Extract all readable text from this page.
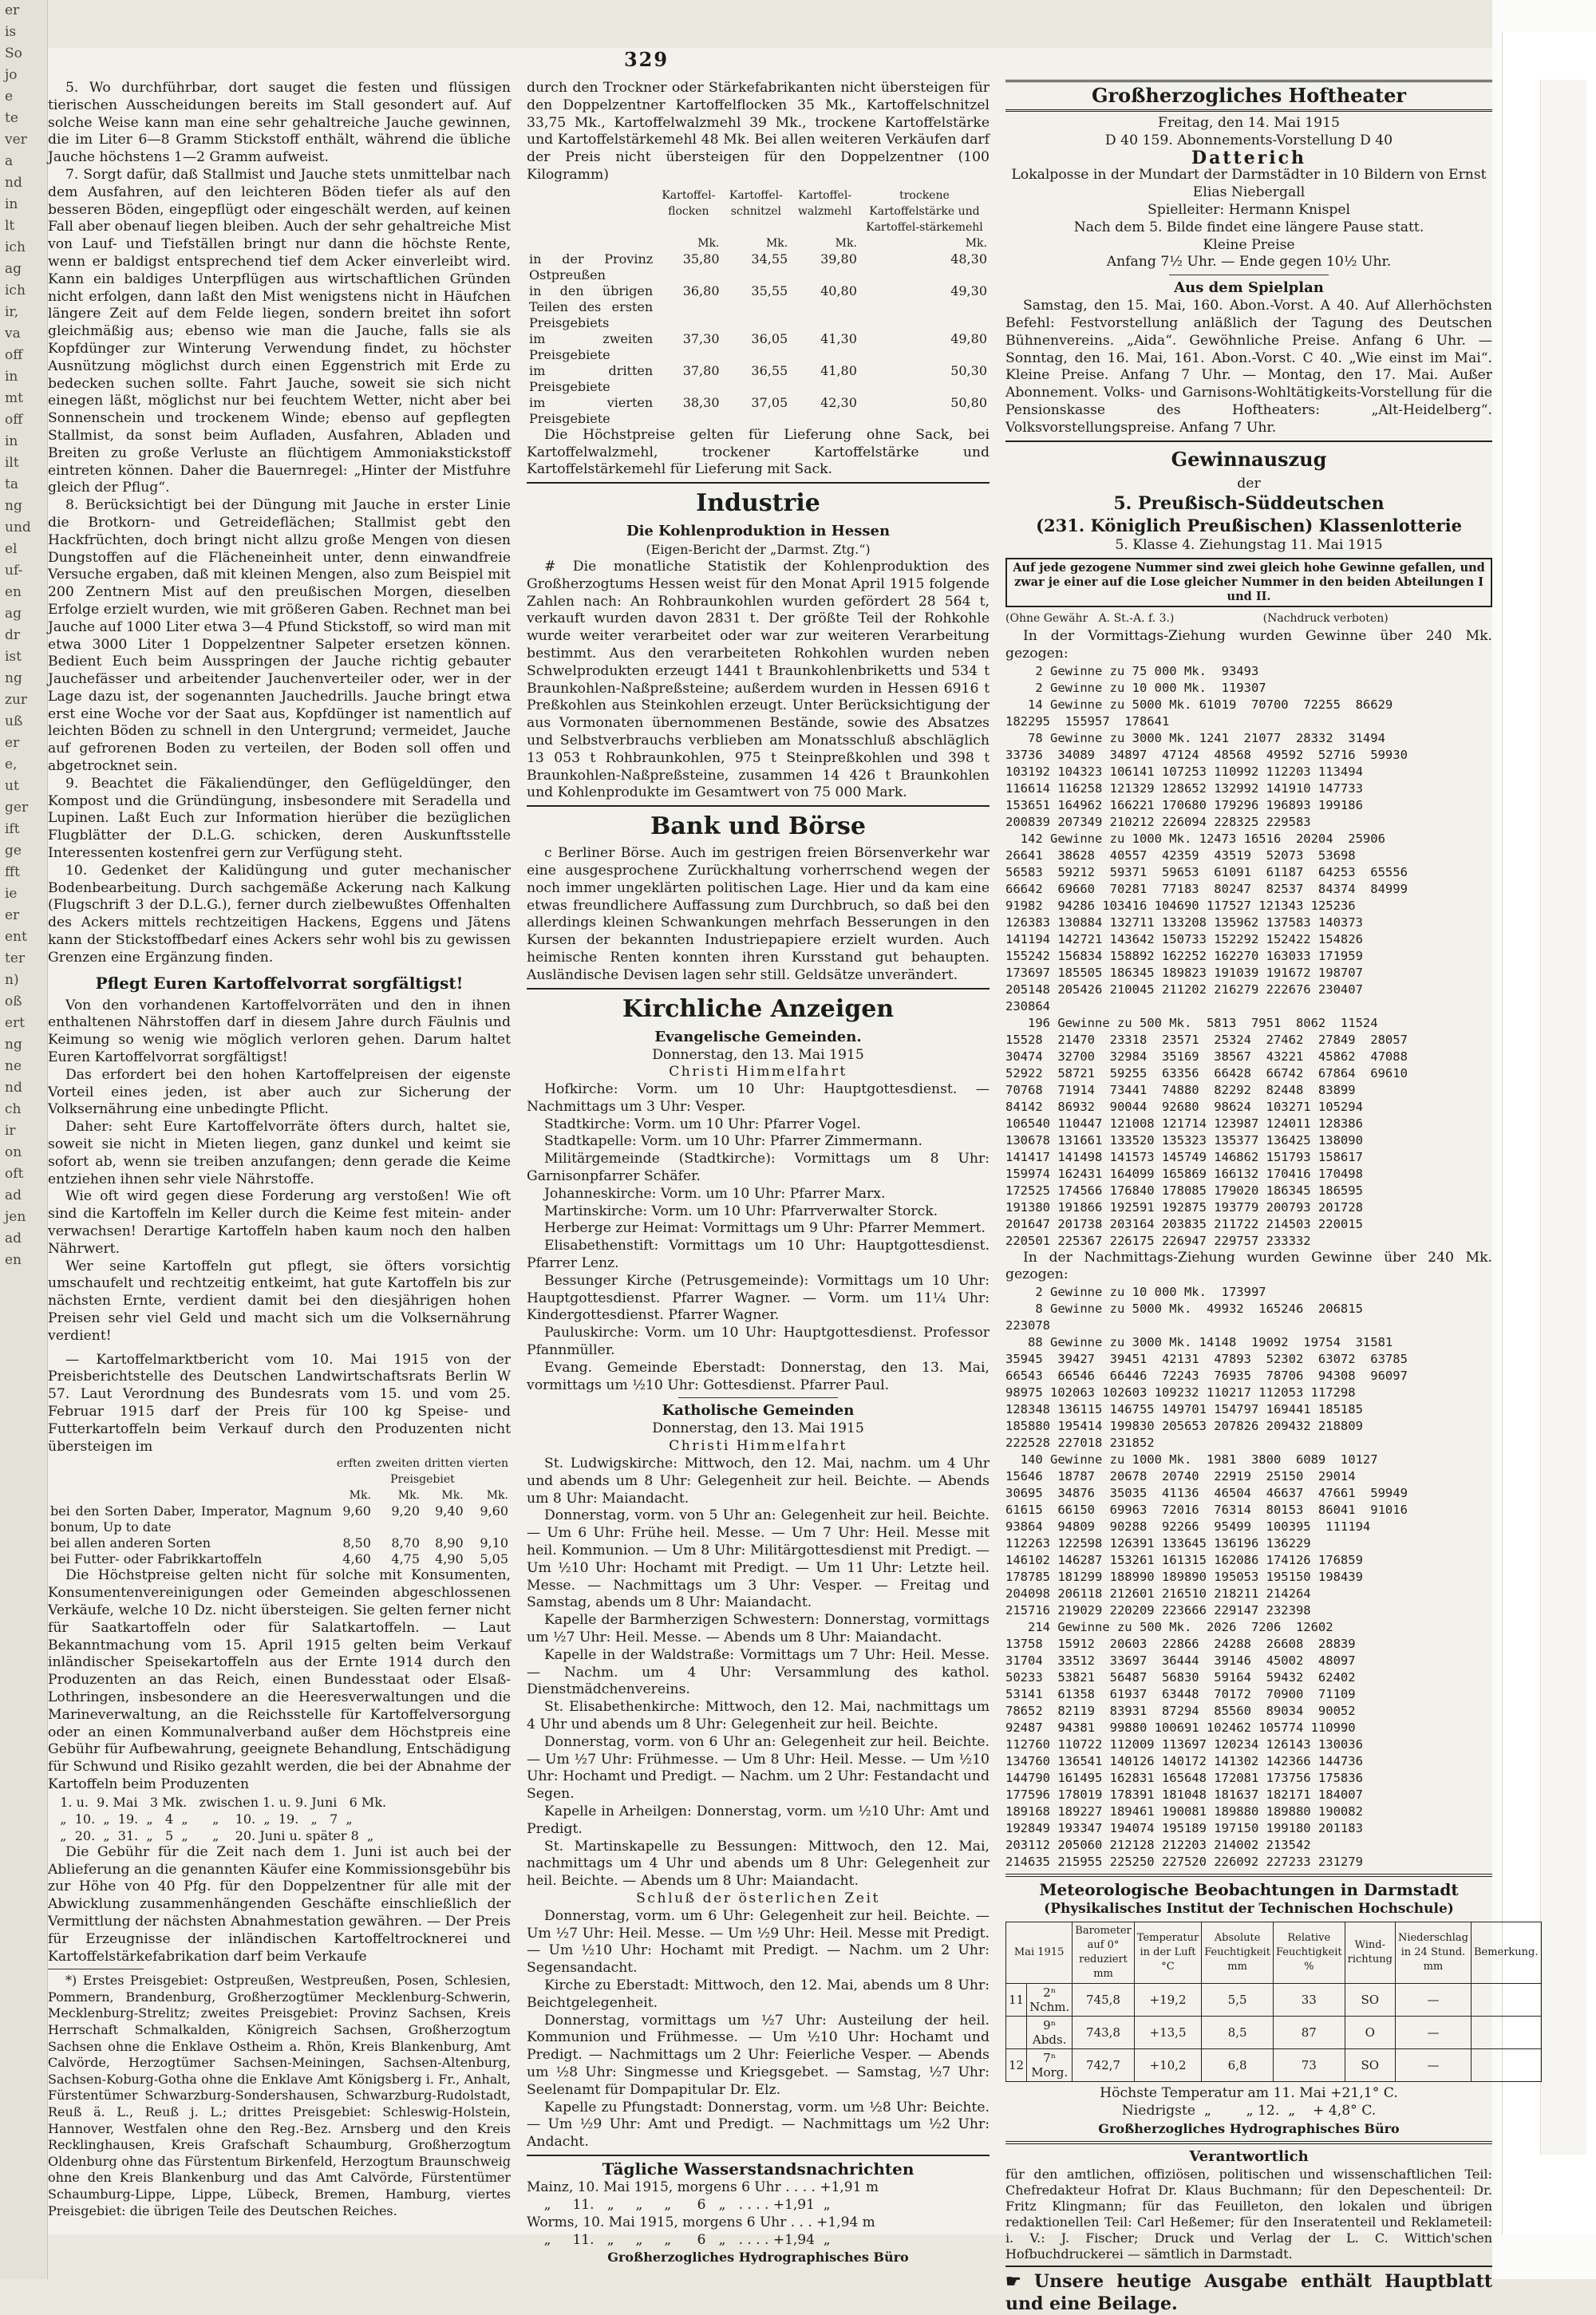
er
is
So
jo
e
te
ver
a
nd
in
lt
ich
ag
ich
ir,
va
off
in
mt
off
in
ilt
ta
ng
und
el
uf-
en
ag
dr
ist
ng
zur
uß
er
e,
ut
ger
ift
ge
fft
ie
er
ent
ter
n)
oß
ert
ng
ne
nd
ch
ir
on
oft
ad
jen
ad
en
329

5. Wo durchführbar, dort sauget die festen und flüssigen tierischen Ausscheidungen bereits im Stall gesondert auf. Auf solche Weise kann man eine sehr gehaltreiche Jauche gewinnen, die im Liter 6—8 Gramm Stickstoff enthält, während die übliche Jauche höchstens 1—2 Gramm aufweist.

7. Sorgt dafür, daß Stallmist und Jauche stets unmittelbar nach dem Ausfahren, auf den leichteren Böden tiefer als auf den besseren Böden, eingepflügt oder eingeschält werden, auf keinen Fall aber obenauf liegen bleiben. Auch der sehr gehaltreiche Mist von Lauf- und Tiefställen bringt nur dann die höchste Rente, wenn er baldigst entsprechend tief dem Acker einverleibt wird. Kann ein baldiges Unterpflügen aus wirtschaftlichen Gründen nicht erfolgen, dann laßt den Mist wenigstens nicht in Häufchen längere Zeit auf dem Felde liegen, sondern breitet ihn sofort gleichmäßig aus; ebenso wie man die Jauche, falls sie als Kopfdünger zur Winterung Verwendung findet, zu höchster Ausnützung möglichst durch einen Eggenstrich mit Erde zu bedecken suchen sollte. Fahrt Jauche, soweit sie sich nicht einegen läßt, möglichst nur bei feuchtem Wetter, nicht aber bei Sonnenschein und trockenem Winde; ebenso auf gepflegten Stallmist, da sonst beim Aufladen, Ausfahren, Abladen und Breiten zu große Verluste an flüchtigem Ammoniakstickstoff eintreten können. Daher die Bauernregel: „Hinter der Mistfuhre gleich der Pflug“.

8. Berücksichtigt bei der Düngung mit Jauche in erster Linie die Brotkorn- und Getreideflächen; Stallmist gebt den Hackfrüchten, doch bringt nicht allzu große Mengen von diesen Dungstoffen auf die Flächeneinheit unter, denn einwandfreie Versuche ergaben, daß mit kleinen Mengen, also zum Beispiel mit 200 Zentnern Mist auf den preußischen Morgen, dieselben Erfolge erzielt wurden, wie mit größeren Gaben. Rechnet man bei Jauche auf 1000 Liter etwa 3—4 Pfund Stickstoff, so wird man mit etwa 3000 Liter 1 Doppelzentner Salpeter ersetzen können. Bedient Euch beim Ausspringen der Jauche richtig gebauter Jauchefässer und arbeitender Jauchenverteiler oder, wer in der Lage dazu ist, der sogenannten Jauchedrills. Jauche bringt etwa erst eine Woche vor der Saat aus, Kopfdünger ist namentlich auf leichten Böden zu schnell in den Untergrund; vermeidet, Jauche auf gefrorenen Boden zu verteilen, der Boden soll offen und abgetrocknet sein.

9. Beachtet die Fäkaliendünger, den Geflügeldünger, den Kompost und die Gründüngung, insbesondere mit Seradella und Lupinen. Laßt Euch zur Information hierüber die bezüglichen Flugblätter der D.L.G. schicken, deren Auskunftsstelle Interessenten kostenfrei gern zur Verfügung steht.

10. Gedenket der Kalidüngung und guter mechanischer Bodenbearbeitung. Durch sachgemäße Ackerung nach Kalkung (Flugschrift 3 der D.L.G.), ferner durch zielbewußtes Offenhalten des Ackers mittels rechtzeitigen Hackens, Eggens und Jätens kann der Stickstoffbedarf eines Ackers sehr wohl bis zu gewissen Grenzen eine Ergänzung finden.

Pflegt Euren Kartoffelvorrat sorgfältigst!

Von den vorhandenen Kartoffelvorräten und den in ihnen enthaltenen Nährstoffen darf in diesem Jahre durch Fäulnis und Keimung so wenig wie möglich verloren gehen. Darum haltet Euren Kartoffelvorrat sorgfältigst!

Das erfordert bei den hohen Kartoffelpreisen der eigenste Vorteil eines jeden, ist aber auch zur Sicherung der Volksernährung eine unbedingte Pflicht.

Daher: seht Eure Kartoffelvorräte öfters durch, haltet sie, soweit sie nicht in Mieten liegen, ganz dunkel und keimt sie sofort ab, wenn sie treiben anzufangen; denn gerade die Keime entziehen ihnen sehr viele Nährstoffe.

Wie oft wird gegen diese Forderung arg verstoßen! Wie oft sind die Kartoffeln im Keller durch die Keime fest mitein- ander verwachsen! Derartige Kartoffeln haben kaum noch den halben Nährwert.

Wer seine Kartoffeln gut pflegt, sie öfters vorsichtig umschaufelt und rechtzeitig entkeimt, hat gute Kartoffeln bis zur nächsten Ernte, verdient damit bei den diesjährigen hohen Preisen sehr viel Geld und macht sich um die Volksernährung verdient!

— Kartoffelmarktbericht vom 10. Mai 1915 von der Preisberichtstelle des Deutschen Landwirtschaftsrats Berlin W 57. Laut Verordnung des Bundesrats vom 15. und vom 25. Februar 1915 darf der Preis für 100 kg Speise- und Futterkartoffeln beim Verkauf durch den Produzenten nicht übersteigen im

	erften	zweiten	dritten	vierten
	Preisgebiet			
	Mk.	Mk.	Mk.	Mk.
bei den Sorten Daber, Imperator, Magnum bonum, Up to date	9,60	9,20	9,40	9,60
bei allen anderen Sorten	8,50	8,70	8,90	9,10
bei Futter- oder Fabrikkartoffeln	4,60	4,75	4,90	5,05

Die Höchstpreise gelten nicht für solche mit Konsumenten, Konsumentenvereinigungen oder Gemeinden abgeschlossenen Verkäufe, welche 10 Dz. nicht übersteigen. Sie gelten ferner nicht für Saatkartoffeln oder für Salatkartoffeln. — Laut Bekanntmachung vom 15. April 1915 gelten beim Verkauf inländischer Speisekartoffeln aus der Ernte 1914 durch den Produzenten an das Reich, einen Bundesstaat oder Elsaß-Lothringen, insbesondere an die Heeresverwaltungen und die Marineverwaltung, an die Reichsstelle für Kartoffelversorgung oder an einen Kommunalverband außer dem Höchstpreis eine Gebühr für Aufbewahrung, geeignete Behandlung, Entschädigung für Schwund und Risiko gezahlt werden, die bei der Abnahme der Kartoffeln beim Produzenten

1. u.  9. Mai   3 Mk.   zwischen 1. u. 9. Juni   6 Mk.
„  10.  „  19.  „   4  „      „    10.  „  19.   „   7  „
„  20.  „  31.  „   5  „      „    20. Juni u. später 8  „

Die Gebühr für die Zeit nach dem 1. Juni ist auch bei der Ablieferung an die genannten Käufer eine Kommissionsgebühr bis zur Höhe von 40 Pfg. für den Doppelzentner für alle mit der Abwicklung zusammenhängenden Geschäfte einschließlich der Vermittlung der nächsten Abnahmestation gewähren. — Der Preis für Erzeugnisse der inländischen Kartoffeltrocknerei und Kartoffelstärkefabrikation darf beim Verkaufe

*) Erstes Preisgebiet: Ostpreußen, Westpreußen, Posen, Schlesien, Pommern, Brandenburg, Großherzogtümer Mecklenburg-Schwerin, Mecklenburg-Strelitz; zweites Preisgebiet: Provinz Sachsen, Kreis Herrschaft Schmalkalden, Königreich Sachsen, Großherzogtum Sachsen ohne die Enklave Ostheim a. Rhön, Kreis Blankenburg, Amt Calvörde, Herzogtümer Sachsen-Meiningen, Sachsen-Altenburg, Sachsen-Koburg-Gotha ohne die Enklave Amt Königsberg i. Fr., Anhalt, Fürstentümer Schwarzburg-Sondershausen, Schwarzburg-Rudolstadt, Reuß ä. L., Reuß j. L.; drittes Preisgebiet: Schleswig-Holstein, Hannover, Westfalen ohne den Reg.-Bez. Arnsberg und den Kreis Recklinghausen, Kreis Grafschaft Schaumburg, Großherzogtum Oldenburg ohne das Fürstentum Birkenfeld, Herzogtum Braunschweig ohne den Kreis Blankenburg und das Amt Calvörde, Fürstentümer Schaumburg-Lippe, Lippe, Lübeck, Bremen, Hamburg, viertes Preisgebiet: die übrigen Teile des Deutschen Reiches.

durch den Trockner oder Stärkefabrikanten nicht übersteigen für den Doppelzentner Kartoffelflocken 35 Mk., Kartoffelschnitzel 33,75 Mk., Kartoffelwalzmehl 39 Mk., trockene Kartoffelstärke und Kartoffelstärkemehl 48 Mk. Bei allen weiteren Verkäufen darf der Preis nicht übersteigen für den Doppelzentner (100 Kilogramm)

	Kartoffel-flocken	Kartoffel-schnitzel	Kartoffel-walzmehl	trockene Kartoffelstärke und Kartoffel-stärkemehl
	Mk.	Mk.	Mk.	Mk.
in der Provinz Ostpreußen	35,80	34,55	39,80	48,30
in den übrigen Teilen des ersten Preisgebiets	36,80	35,55	40,80	49,30
im zweiten Preisgebiete	37,30	36,05	41,30	49,80
im dritten Preisgebiete	37,80	36,55	41,80	50,30
im vierten Preisgebiete	38,30	37,05	42,30	50,80

Die Höchstpreise gelten für Lieferung ohne Sack, bei Kartoffelwalzmehl, trockener Kartoffelstärke und Kartoffelstärkemehl für Lieferung mit Sack.

Industrie
Die Kohlenproduktion in Hessen
(Eigen-Bericht der „Darmst. Ztg.“)

# Die monatliche Statistik der Kohlenproduktion des Großherzogtums Hessen weist für den Monat April 1915 folgende Zahlen nach: An Rohbraunkohlen wurden gefördert 28 564 t, verkauft wurden davon 2831 t. Der größte Teil der Rohkohle wurde weiter verarbeitet oder war zur weiteren Verarbeitung bestimmt. Aus den verarbeiteten Rohkohlen wurden neben Schwelprodukten erzeugt 1441 t Braunkohlenbriketts und 534 t Braunkohlen-Naßpreßsteine; außerdem wurden in Hessen 6916 t Preßkohlen aus Steinkohlen erzeugt. Unter Berücksichtigung der aus Vormonaten übernommenen Bestände, sowie des Absatzes und Selbstverbrauchs verblieben am Monatsschluß abschläglich 13 053 t Rohbraunkohlen, 975 t Steinpreßkohlen und 398 t Braunkohlen-Naßpreßsteine, zusammen 14 426 t Braunkohlen und Kohlenprodukte im Gesamtwert von 75 000 Mark.

Bank und Börse

c Berliner Börse. Auch im gestrigen freien Börsenverkehr war eine ausgesprochene Zurückhaltung vorherrschend wegen der noch immer ungeklärten politischen Lage. Hier und da kam eine etwas freundlichere Auffassung zum Durchbruch, so daß bei den allerdings kleinen Schwankungen mehrfach Besserungen in den Kursen der bekannten Industriepapiere erzielt wurden. Auch heimische Renten konnten ihren Kursstand gut behaupten. Ausländische Devisen lagen sehr still. Geldsätze unverändert.

Kirchliche Anzeigen
Evangelische Gemeinden.
Donnerstag, den 13. Mai 1915
Christi Himmelfahrt

Hofkirche: Vorm. um 10 Uhr: Hauptgottesdienst. — Nachmittags um 3 Uhr: Vesper.

Stadtkirche: Vorm. um 10 Uhr: Pfarrer Vogel.

Stadtkapelle: Vorm. um 10 Uhr: Pfarrer Zimmermann.

Militärgemeinde (Stadtkirche): Vormittags um 8 Uhr: Garnisonpfarrer Schäfer.

Johanneskirche: Vorm. um 10 Uhr: Pfarrer Marx.

Martinskirche: Vorm. um 10 Uhr: Pfarrverwalter Storck.

Herberge zur Heimat: Vormittags um 9 Uhr: Pfarrer Memmert.

Elisabethenstift: Vormittags um 10 Uhr: Hauptgottesdienst. Pfarrer Lenz.

Bessunger Kirche (Petrusgemeinde): Vormittags um 10 Uhr: Hauptgottesdienst. Pfarrer Wagner. — Vorm. um 11¼ Uhr: Kindergottesdienst. Pfarrer Wagner.

Pauluskirche: Vorm. um 10 Uhr: Hauptgottesdienst. Professor Pfannmüller.

Evang. Gemeinde Eberstadt: Donnerstag, den 13. Mai, vormittags um ½10 Uhr: Gottesdienst. Pfarrer Paul.

Katholische Gemeinden
Donnerstag, den 13. Mai 1915
Christi Himmelfahrt

St. Ludwigskirche: Mittwoch, den 12. Mai, nachm. um 4 Uhr und abends um 8 Uhr: Gelegenheit zur heil. Beichte. — Abends um 8 Uhr: Maiandacht.

Donnerstag, vorm. von 5 Uhr an: Gelegenheit zur heil. Beichte. — Um 6 Uhr: Frühe heil. Messe. — Um 7 Uhr: Heil. Messe mit heil. Kommunion. — Um 8 Uhr: Militärgottesdienst mit Predigt. — Um ½10 Uhr: Hochamt mit Predigt. — Um 11 Uhr: Letzte heil. Messe. — Nachmittags um 3 Uhr: Vesper. — Freitag und Samstag, abends um 8 Uhr: Maiandacht.

Kapelle der Barmherzigen Schwestern: Donnerstag, vormittags um ½7 Uhr: Heil. Messe. — Abends um 8 Uhr: Maiandacht.

Kapelle in der Waldstraße: Vormittags um 7 Uhr: Heil. Messe. — Nachm. um 4 Uhr: Versammlung des kathol. Dienstmädchenvereins.

St. Elisabethenkirche: Mittwoch, den 12. Mai, nachmittags um 4 Uhr und abends um 8 Uhr: Gelegenheit zur heil. Beichte.

Donnerstag, vorm. von 6 Uhr an: Gelegenheit zur heil. Beichte. — Um ½7 Uhr: Frühmesse. — Um 8 Uhr: Heil. Messe. — Um ½10 Uhr: Hochamt und Predigt. — Nachm. um 2 Uhr: Festandacht und Segen.

Kapelle in Arheilgen: Donnerstag, vorm. um ½10 Uhr: Amt und Predigt.

St. Martinskapelle zu Bessungen: Mittwoch, den 12. Mai, nachmittags um 4 Uhr und abends um 8 Uhr: Gelegenheit zur heil. Beichte. — Abends um 8 Uhr: Maiandacht.

Schluß der österlichen Zeit

Donnerstag, vorm. um 6 Uhr: Gelegenheit zur heil. Beichte. — Um ½7 Uhr: Heil. Messe. — Um ½9 Uhr: Heil. Messe mit Predigt. — Um ½10 Uhr: Hochamt mit Predigt. — Nachm. um 2 Uhr: Segensandacht.

Kirche zu Eberstadt: Mittwoch, den 12. Mai, abends um 8 Uhr: Beichtgelegenheit.

Donnerstag, vormittags um ½7 Uhr: Austeilung der heil. Kommunion und Frühmesse. — Um ½10 Uhr: Hochamt und Predigt. — Nachmittags um 2 Uhr: Feierliche Vesper. — Abends um ½8 Uhr: Singmesse und Kriegsgebet. — Samstag, ½7 Uhr: Seelenamt für Dompapitular Dr. Elz.

Kapelle zu Pfungstadt: Donnerstag, vorm. um ½8 Uhr: Beichte. — Um ½9 Uhr: Amt und Predigt. — Nachmittags um ½2 Uhr: Andacht.

Tägliche Wasserstandsnachrichten
Mainz, 10. Mai 1915, morgens 6 Uhr . . . . +1,91 m
„     11.   „     „     „      6   „   . . . . +1,91  „
Worms, 10. Mai 1915, morgens 6 Uhr . . . +1,94 m
„     11.   „     „     „      6   „   . . . . +1,94  „
Großherzogliches Hydrographisches Büro
Großherzogliches Hoftheater
Freitag, den 14. Mai 1915
D 40 159. Abonnements-Vorstellung D 40
Datterich
Lokalposse in der Mundart der Darmstädter in 10 Bildern von Ernst Elias Niebergall
Spielleiter: Hermann Knispel
Nach dem 5. Bilde findet eine längere Pause statt.
Kleine Preise
Anfang 7½ Uhr. — Ende gegen 10½ Uhr.
Aus dem Spielplan

Samstag, den 15. Mai, 160. Abon.-Vorst. A 40. Auf Allerhöchsten Befehl: Festvorstellung anläßlich der Tagung des Deutschen Bühnenvereins. „Aida“. Gewöhnliche Preise. Anfang 6 Uhr. — Sonntag, den 16. Mai, 161. Abon.-Vorst. C 40. „Wie einst im Mai“. Kleine Preise. Anfang 7 Uhr. — Montag, den 17. Mai. Außer Abonnement. Volks- und Garnisons-Wohltätigkeits-Vorstellung für die Pensionskasse des Hoftheaters: „Alt-Heidelberg“. Volksvorstellungspreise. Anfang 7 Uhr.

Gewinnauszug
der
5. Preußisch-Süddeutschen
(231. Königlich Preußischen) Klassenlotterie
5. Klasse 4. Ziehungstag 11. Mai 1915
Auf jede gezogene Nummer sind zwei gleich hohe Gewinne gefallen, und zwar je einer auf die Lose gleicher Nummer in den beiden Abteilungen I und II.
(Ohne Gewähr   A. St.-A. f. 3.)                         (Nachdruck verboten)

In der Vormittags-Ziehung wurden Gewinne über 240 Mk. gezogen:

2 Gewinne zu 75 000 Mk.  93493
2 Gewinne zu 10 000 Mk.  119307
14 Gewinne zu 5000 Mk. 61019  70700  72255  86629
182295  155957  178641
78 Gewinne zu 3000 Mk. 1241  21077  28332  31494
33736  34089  34897  47124  48568  49592  52716  59930
103192 104323 106141 107253 110992 112203 113494
116614 116258 121329 128652 132992 141910 147733
153651 164962 166221 170680 179296 196893 199186
200839 207349 210212 226094 228325 229583
142 Gewinne zu 1000 Mk. 12473 16516  20204  25906
26641  38628  40557  42359  43519  52073  53698
56583  59212  59371  59653  61091  61187  64253  65556
66642  69660  70281  77183  80247  82537  84374  84999
91982  94286 103416 104690 117527 121343 125236
126383 130884 132711 133208 135962 137583 140373
141194 142721 143642 150733 152292 152422 154826
155242 156834 158892 162252 162270 163033 171959
173697 185505 186345 189823 191039 191672 198707
205148 205426 210045 211202 216279 222676 230407
230864
196 Gewinne zu 500 Mk.  5813  7951  8062  11524
15528  21470  23318  23571  25324  27462  27849  28057
30474  32700  32984  35169  38567  43221  45862  47088
52922  58721  59255  63356  66428  66742  67864  69610
70768  71914  73441  74880  82292  82448  83899
84142  86932  90044  92680  98624  103271 105294
106540 110447 121008 121714 123987 124011 128386
130678 131661 133520 135323 135377 136425 138090
141417 141498 141573 145749 146862 151793 158617
159974 162431 164099 165869 166132 170416 170498
172525 174566 176840 178085 179020 186345 186595
191380 191866 192591 192875 193779 200793 201728
201647 201738 203164 203835 211722 214503 220015
220501 225367 226175 226947 229757 233332

In der Nachmittags-Ziehung wurden Gewinne über 240 Mk. gezogen:

2 Gewinne zu 10 000 Mk.  173997
8 Gewinne zu 5000 Mk.  49932  165246  206815
223078
88 Gewinne zu 3000 Mk. 14148  19092  19754  31581
35945  39427  39451  42131  47893  52302  63072  63785
66543  66546  66446  72243  76935  78706  94308  96097
98975 102063 102603 109232 110217 112053 117298
128348 136115 146755 149701 154797 169441 185185
185880 195414 199830 205653 207826 209432 218809
222528 227018 231852
140 Gewinne zu 1000 Mk.  1981  3800  6089  10127
15646  18787  20678  20740  22919  25150  29014
30695  34876  35035  41136  46504  46637  47661  59949
61615  66150  69963  72016  76314  80153  86041  91016
93864  94809  90288  92266  95499  100395  111194
112263 122598 126391 133645 136196 136229
146102 146287 153261 161315 162086 174126 176859
178785 181299 188990 189890 195053 195150 198439
204098 206118 212601 216510 218211 214264
215716 219029 220209 223666 229147 232398
214 Gewinne zu 500 Mk.  2026  7206  12602
13758  15912  20603  22866  24288  26608  28839
31704  33512  33697  36444  39146  45002  48097
50233  53821  56487  56830  59164  59432  62402
53141  61358  61937  63448  70172  70900  71109
78652  82119  83931  87294  85560  89034  90052
92487  94381  99880 100691 102462 105774 110990
112760 110722 112009 113697 120234 126143 130036
134760 136541 140126 140172 141302 142366 144736
144790 161495 162831 165648 172081 173756 175836
177596 178019 178391 181048 181637 182171 184007
189168 189227 189461 190081 189880 189880 190082
192849 193347 194074 195189 197150 199180 201183
203112 205060 212128 212203 214002 213542
214635 215955 225250 227520 226092 227233 231279
Meteorologische Beobachtungen in Darmstadt
(Physikalisches Institut der Technischen Hochschule)
Mai 1915		Barometer auf 0° reduziert mm	Temperatur in der Luft °C	Absolute Feuchtigkeit mm	Relative Feuchtigkeit %	Wind-richtung	Niederschlag in 24 Stund. mm	Bemerkung.
11	2ⁿ Nchm.	745,8	+19,2	5,5	33	SO	—	
	9ⁿ Abds.	743,8	+13,5	8,5	87	O	—	
12	7ⁿ Morg.	742,7	+10,2	6,8	73	SO	—	
Höchste Temperatur am 11. Mai +21,1° C.
Niedrigste  „        „ 12.  „    + 4,8° C.
Großherzogliches Hydrographisches Büro
Verantwortlich

für den amtlichen, offiziösen, politischen und wissenschaftlichen Teil: Chefredakteur Hofrat Dr. Klaus Buchmann; für den Depeschenteil: Dr. Fritz Klingmann; für das Feuilleton, den lokalen und übrigen redaktionellen Teil: Carl Heßemer; für den Inseratenteil und Reklameteil: i. V.: J. Fischer; Druck und Verlag der L. C. Wittich'schen Hofbuchdruckerei — sämtlich in Darmstadt.

☛ Unsere heutige Ausgabe enthält Hauptblatt und eine Beilage.
